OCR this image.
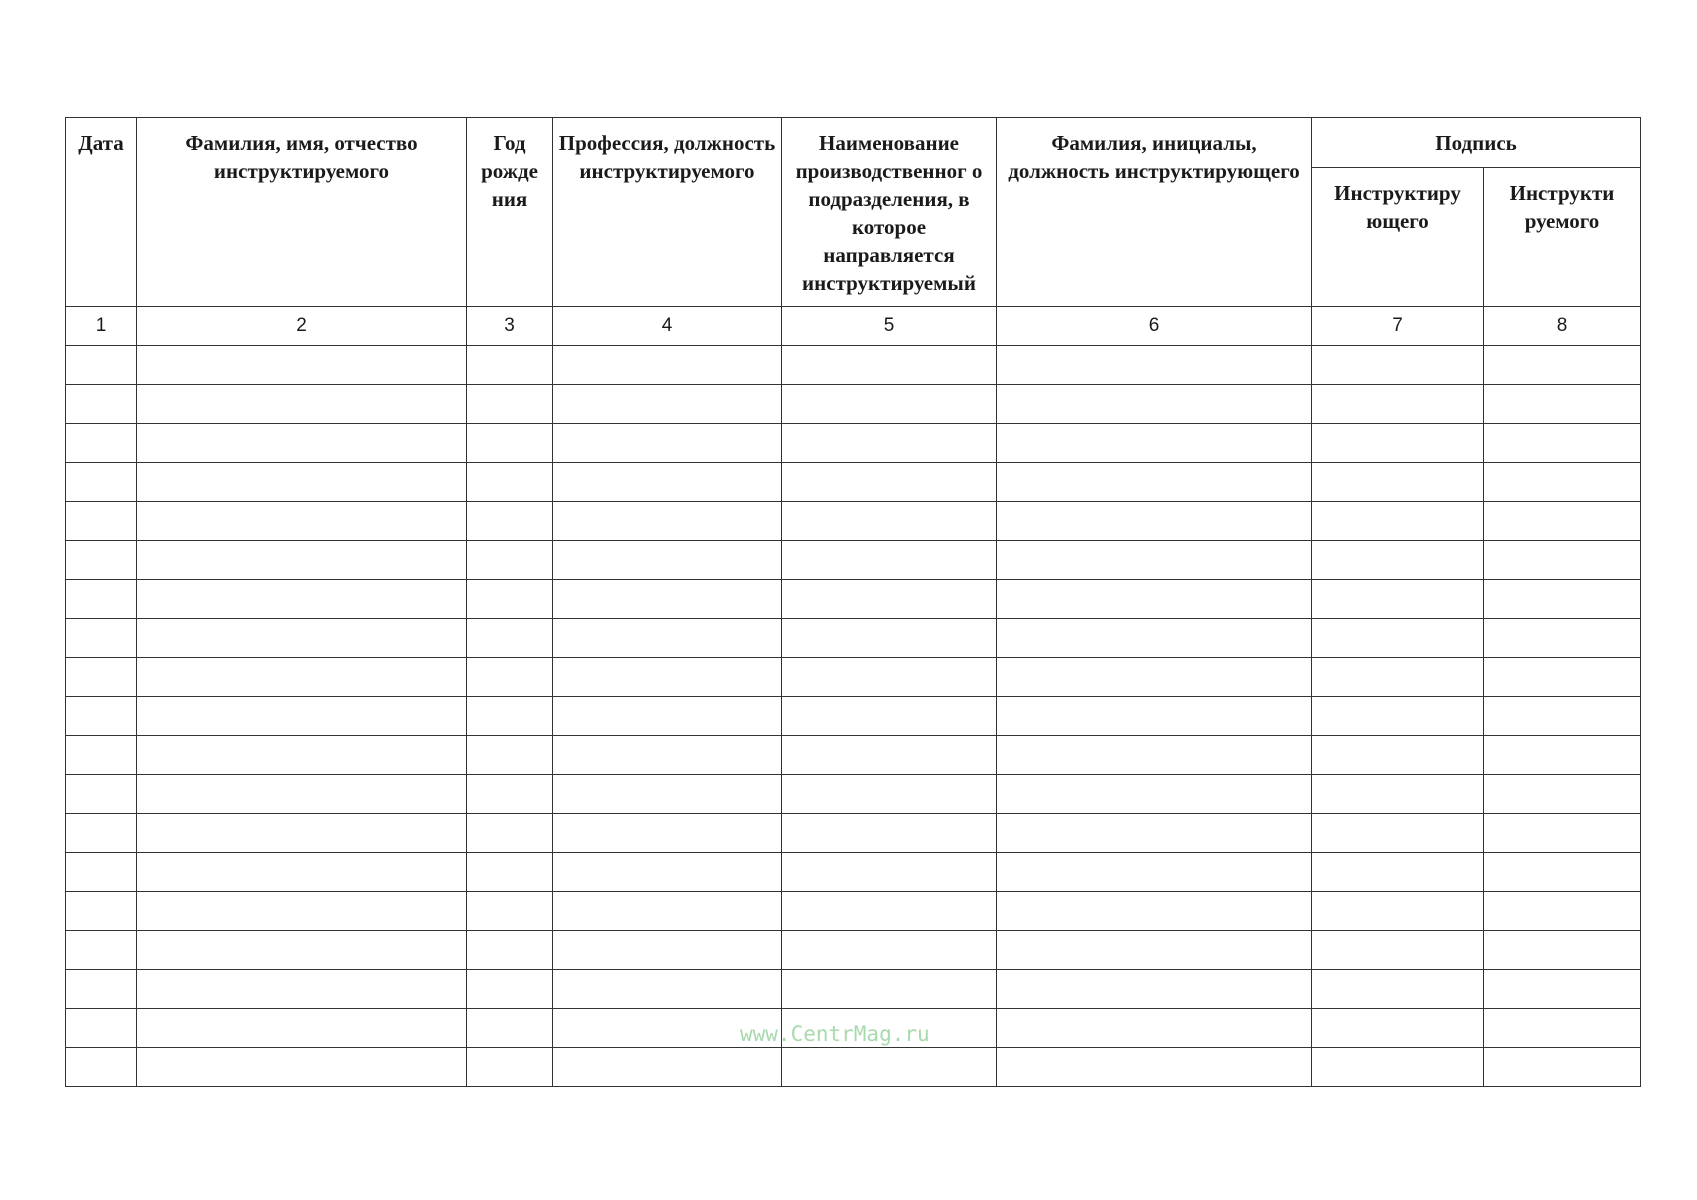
Дата	Фамилия, имя, отчество инструктируемого	Год рожде ния	Профессия, должность инструктируемого	Наименование производственног о подразделения, в которое направляется инструктируемый	Фамилия, инициалы, должность инструктирующего	Подпись	
						Инструктиру ющего	Инструкти руемого
1	2	3	4	5	6	7	8

www.CentrMag.ru
